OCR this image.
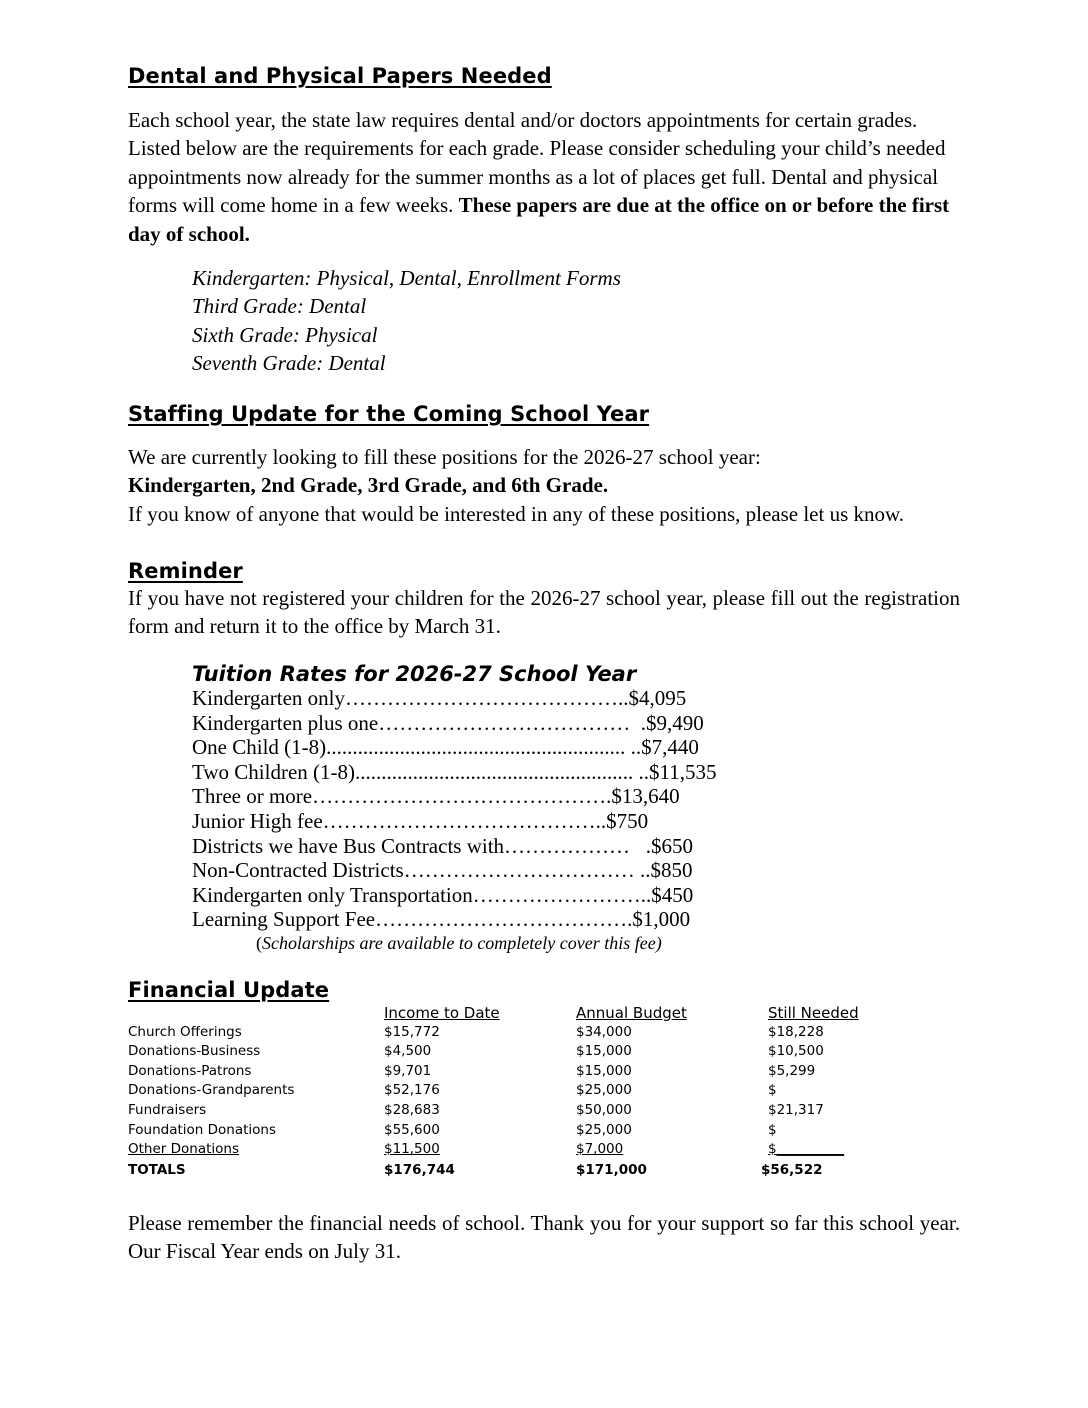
Dental and Physical Papers Needed
Each school year, the state law requires dental and/or doctors appointments for certain grades. Listed below are the requirements for each grade. Please consider scheduling your child’s needed appointments now already for the summer months as a lot of places get full. Dental and physical forms will come home in a few weeks. These papers are due at the office on or before the first day of school.
Kindergarten: Physical, Dental, Enrollment Forms
Third Grade: Dental
Sixth Grade: Physical
Seventh Grade: Dental
Staffing Update for the Coming School Year
We are currently looking to fill these positions for the 2026-27 school year:
Kindergarten, 2nd Grade, 3rd Grade, and 6th Grade.
If you know of anyone that would be interested in any of these positions, please let us know.
Reminder
If you have not registered your children for the 2026-27 school year, please fill out the registration form and return it to the office by March 31.
Tuition Rates for 2026-27 School Year
Kindergarten only…………………………………..$4,095
Kindergarten plus one………………………………  .$9,490
One Child (1-8)......................................................... ..$7,440
Two Children (1-8)..................................................... ..$11,535
Three or more…………………………………….$13,640
Junior High fee…………………………………..$750
Districts we have Bus Contracts with………………   .$650
Non-Contracted Districts…………………………… ..$850
Kindergarten only Transportation……………………..$450
Learning Support Fee……………………………….$1,000
(Scholarships are available to completely cover this fee)
Financial Update
Income to Date	Annual Budget	Still Needed
Church Offerings	$15,772	$34,000	$18,228
Donations-Business	$4,500	$15,000	$10,500
Donations-Patrons	$9,701	$15,000	$5,299
Donations-Grandparents	$52,176	$25,000	$
Fundraisers	$28,683	$50,000	$21,317
Foundation Donations	$55,600	$25,000	$
Other Donations	$11,500	$7,000	$__________
TOTALS	$176,744	$171,000	$56,522
Please remember the financial needs of school. Thank you for your support so far this school year. Our Fiscal Year ends on July 31.
